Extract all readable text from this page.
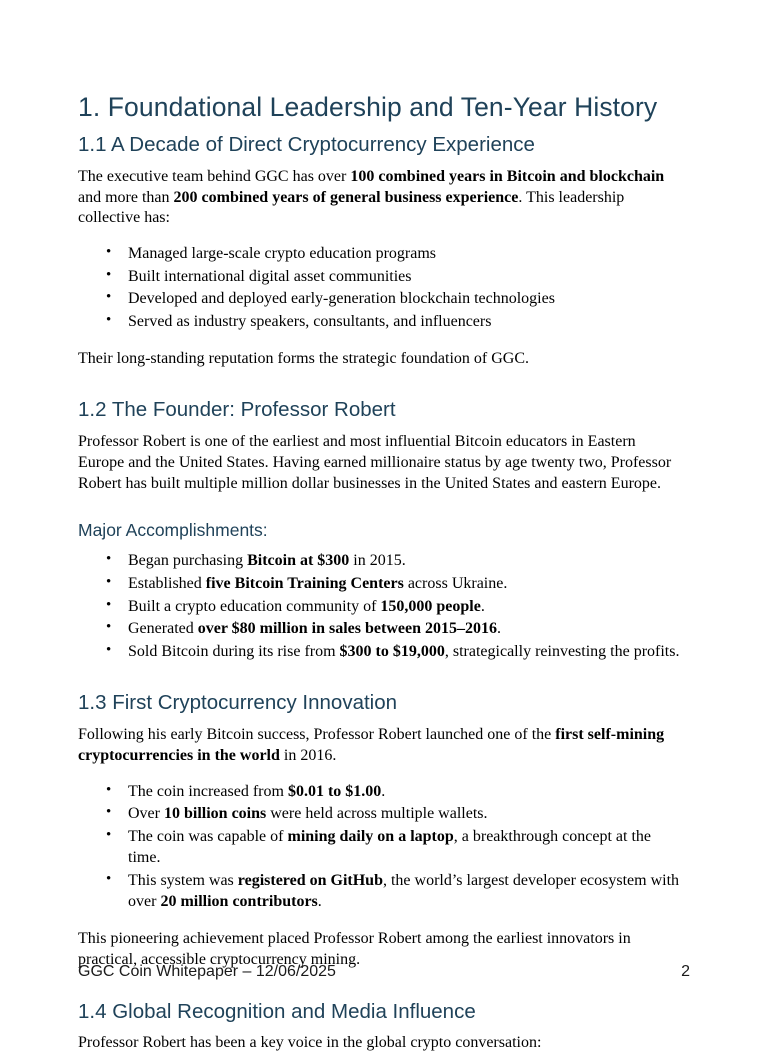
1. Foundational Leadership and Ten-Year History
1.1 A Decade of Direct Cryptocurrency Experience

The executive team behind GGC has over 100 combined years in Bitcoin and blockchain and more than 200 combined years of general business experience. This leadership collective has:

• Managed large-scale crypto education programs
• Built international digital asset communities
• Developed and deployed early-generation blockchain technologies
• Served as industry speakers, consultants, and influencers

Their long-standing reputation forms the strategic foundation of GGC.

1.2 The Founder: Professor Robert

Professor Robert is one of the earliest and most influential Bitcoin educators in Eastern Europe and the United States. Having earned millionaire status by age twenty two, Professor Robert has built multiple million dollar businesses in the United States and eastern Europe.

Major Accomplishments:
• Began purchasing Bitcoin at $300 in 2015.
• Established five Bitcoin Training Centers across Ukraine.
• Built a crypto education community of 150,000 people.
• Generated over $80 million in sales between 2015–2016.
• Sold Bitcoin during its rise from $300 to $19,000, strategically reinvesting the profits.
1.3 First Cryptocurrency Innovation

Following his early Bitcoin success, Professor Robert launched one of the first self-mining cryptocurrencies in the world in 2016.

• The coin increased from $0.01 to $1.00.
• Over 10 billion coins were held across multiple wallets.
• The coin was capable of mining daily on a laptop, a breakthrough concept at the time.
• This system was registered on GitHub, the world’s largest developer ecosystem with over 20 million contributors.

This pioneering achievement placed Professor Robert among the earliest innovators in practical, accessible cryptocurrency mining.

1.4 Global Recognition and Media Influence

Professor Robert has been a key voice in the global crypto conversation:

GGC Coin Whitepaper – 12/06/2025	2
